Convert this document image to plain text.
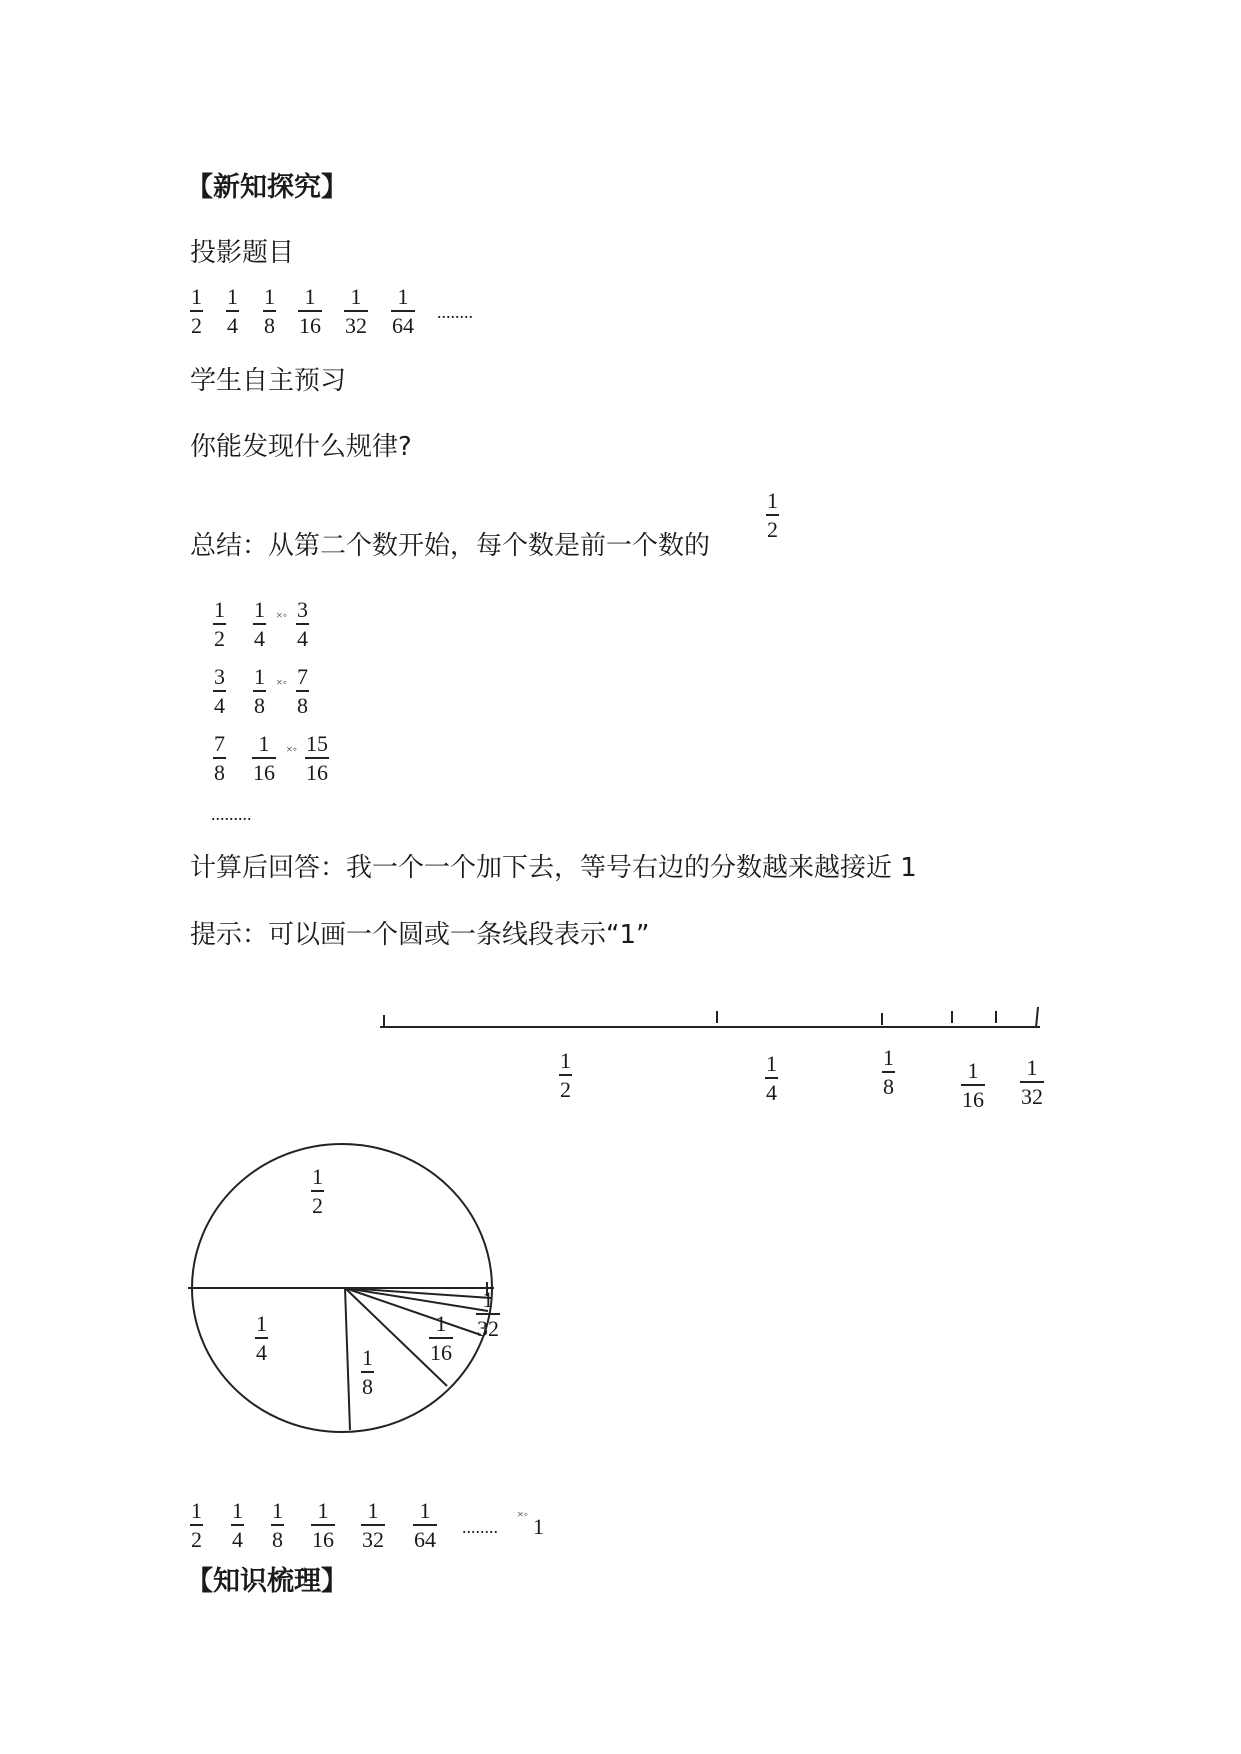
【新知探究】
投影题目
1
2
1
4
1
8
1
16
1
32
1
64
........
学生自主预习
你能发现什么规律?
总结：从第二个数开始，每个数是前一个数的
1
2
1
2
1
4
×◦ 3
4
3
4
1
8
×◦ 7
8
7
8
1
16
×◦ 15
16
.........
计算后回答：我一个一个加下去，等号右边的分数越来越接近 1
提示：可以画一个圆或一条线段表示“1”
1
2
1
4
1
8
1
16
1
32
1
2
1
4	1
8
1
16
1
32
1
2
1
4
1
8
1
16
1
32
1
64 ........
×◦ 1
【知识梳理】
